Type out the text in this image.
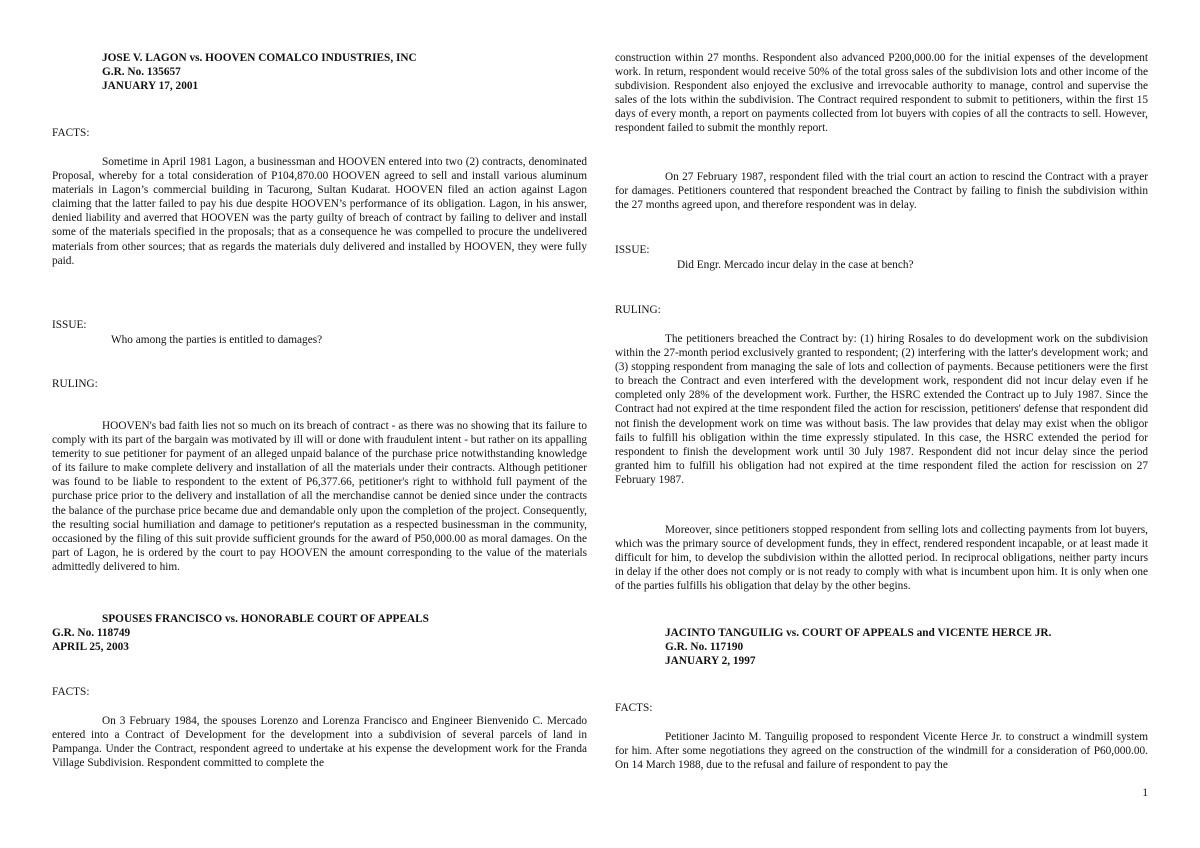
JOSE V. LAGON vs. HOOVEN COMALCO INDUSTRIES, INC
G.R. No. 135657
JANUARY 17, 2001
FACTS:

Sometime in April 1981 Lagon, a businessman and HOOVEN entered into two (2) contracts, denominated Proposal, whereby for a total consideration of P104,870.00 HOOVEN agreed to sell and install various aluminum materials in Lagon’s commercial building in Tacurong, Sultan Kudarat. HOOVEN filed an action against Lagon claiming that the latter failed to pay his due despite HOOVEN’s performance of its obligation. Lagon, in his answer, denied liability and averred that HOOVEN was the party guilty of breach of contract by failing to deliver and install some of the materials specified in the proposals; that as a consequence he was compelled to procure the undelivered materials from other sources; that as regards the materials duly delivered and installed by HOOVEN, they were fully paid.

ISSUE:
Who among the parties is entitled to damages?
RULING:

HOOVEN's bad faith lies not so much on its breach of contract - as there was no showing that its failure to comply with its part of the bargain was motivated by ill will or done with fraudulent intent - but rather on its appalling temerity to sue petitioner for payment of an alleged unpaid balance of the purchase price notwithstanding knowledge of its failure to make complete delivery and installation of all the materials under their contracts. Although petitioner was found to be liable to respondent to the extent of P6,377.66, petitioner's right to withhold full payment of the purchase price prior to the delivery and installation of all the merchandise cannot be denied since under the contracts the balance of the purchase price became due and demandable only upon the completion of the project. Consequently, the resulting social humiliation and damage to petitioner's reputation as a respected businessman in the community, occasioned by the filing of this suit provide sufficient grounds for the award of P50,000.00 as moral damages. On the part of Lagon, he is ordered by the court to pay HOOVEN the amount corresponding to the value of the materials admittedly delivered to him.

SPOUSES FRANCISCO vs. HONORABLE COURT OF APPEALS
G.R. No. 118749
APRIL 25, 2003
FACTS:

On 3 February 1984, the spouses Lorenzo and Lorenza Francisco and Engineer Bienvenido C. Mercado entered into a Contract of Development for the development into a subdivision of several parcels of land in Pampanga. Under the Contract, respondent agreed to undertake at his expense the development work for the Franda Village Subdivision. Respondent committed to complete the

construction within 27 months. Respondent also advanced P200,000.00 for the initial expenses of the development work. In return, respondent would receive 50% of the total gross sales of the subdivision lots and other income of the subdivision. Respondent also enjoyed the exclusive and irrevocable authority to manage, control and supervise the sales of the lots within the subdivision. The Contract required respondent to submit to petitioners, within the first 15 days of every month, a report on payments collected from lot buyers with copies of all the contracts to sell. However, respondent failed to submit the monthly report.

On 27 February 1987, respondent filed with the trial court an action to rescind the Contract with a prayer for damages. Petitioners countered that respondent breached the Contract by failing to finish the subdivision within the 27 months agreed upon, and therefore respondent was in delay.

ISSUE:
Did Engr. Mercado incur delay in the case at bench?
RULING:

The petitioners breached the Contract by: (1) hiring Rosales to do development work on the subdivision within the 27-month period exclusively granted to respondent; (2) interfering with the latter's development work; and (3) stopping respondent from managing the sale of lots and collection of payments. Because petitioners were the first to breach the Contract and even interfered with the development work, respondent did not incur delay even if he completed only 28% of the development work. Further, the HSRC extended the Contract up to July 1987. Since the Contract had not expired at the time respondent filed the action for rescission, petitioners' defense that respondent did not finish the development work on time was without basis. The law provides that delay may exist when the obligor fails to fulfill his obligation within the time expressly stipulated. In this case, the HSRC extended the period for respondent to finish the development work until 30 July 1987. Respondent did not incur delay since the period granted him to fulfill his obligation had not expired at the time respondent filed the action for rescission on 27 February 1987.

Moreover, since petitioners stopped respondent from selling lots and collecting payments from lot buyers, which was the primary source of development funds, they in effect, rendered respondent incapable, or at least made it difficult for him, to develop the subdivision within the allotted period. In reciprocal obligations, neither party incurs in delay if the other does not comply or is not ready to comply with what is incumbent upon him. It is only when one of the parties fulfills his obligation that delay by the other begins.

JACINTO TANGUILIG vs. COURT OF APPEALS and VICENTE HERCE JR.
G.R. No. 117190
JANUARY 2, 1997
FACTS:

Petitioner Jacinto M. Tanguilig proposed to respondent Vicente Herce Jr. to construct a windmill system for him. After some negotiations they agreed on the construction of the windmill for a consideration of P60,000.00. On 14 March 1988, due to the refusal and failure of respondent to pay the

1
